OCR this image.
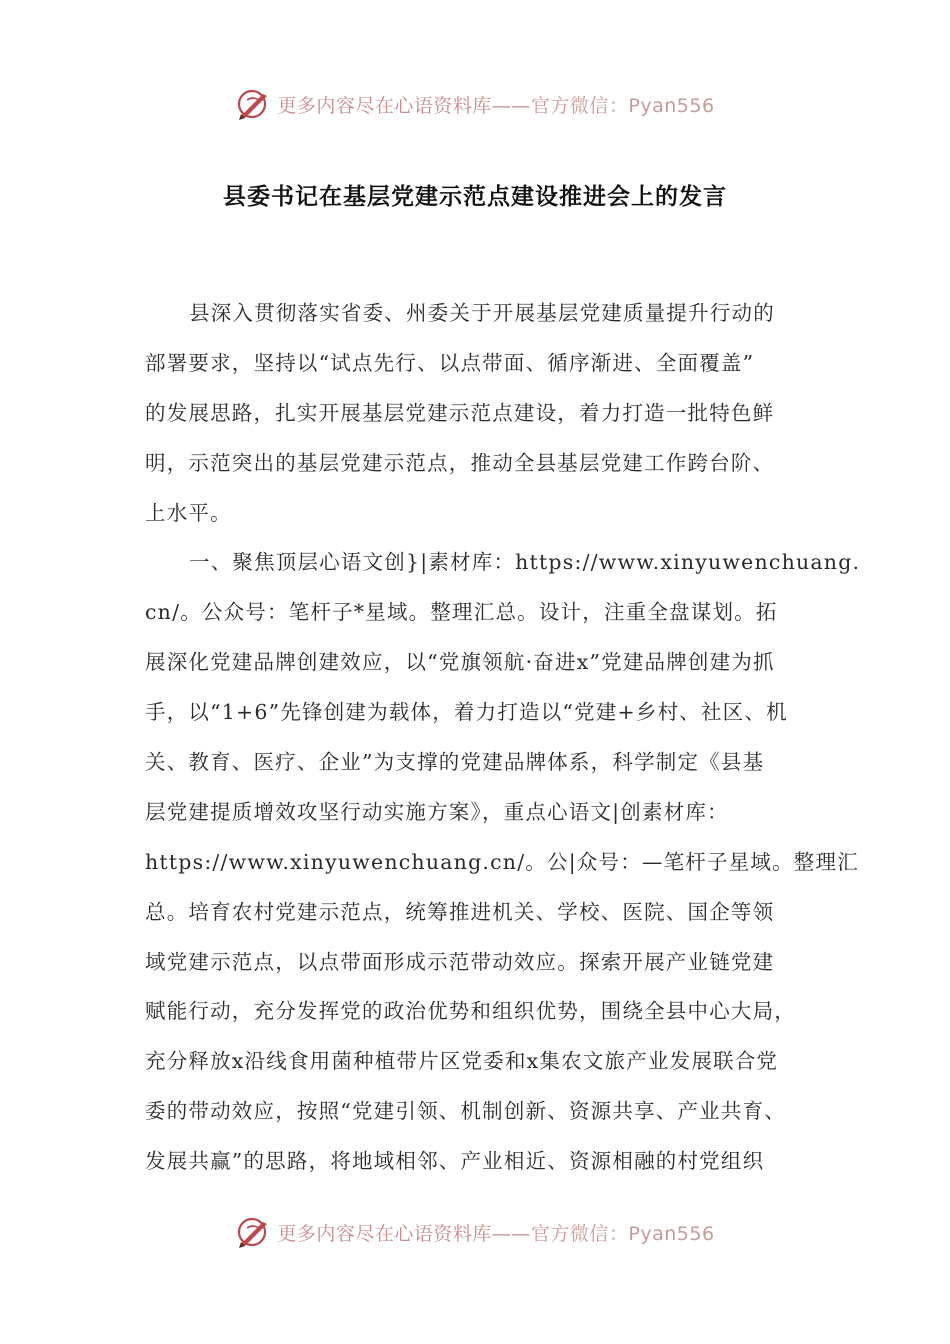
更多内容尽在心语资料库——官方微信：Pyan556
县委书记在基层党建示范点建设推进会上的发言
县深入贯彻落实省委、州委关于开展基层党建质量提升行动的
部署要求，坚持以“试点先行、以点带面、循序渐进、全面覆盖”
的发展思路，扎实开展基层党建示范点建设，着力打造一批特色鲜
明，示范突出的基层党建示范点，推动全县基层党建工作跨台阶、
上水平。
一、聚焦顶层心语文创}|素材库：https://www.xinyuwenchuang.
cn/。公众号：笔杆子*星域。整理汇总。设计，注重全盘谋划。拓
展深化党建品牌创建效应，以“党旗领航·奋进x”党建品牌创建为抓
手，以“1+6”先锋创建为载体，着力打造以“党建+乡村、社区、机
关、教育、医疗、企业”为支撑的党建品牌体系，科学制定《县基
层党建提质增效攻坚行动实施方案》，重点心语文|创素材库：
https://www.xinyuwenchuang.cn/。公|众号：—笔杆子星域。整理汇
总。培育农村党建示范点，统筹推进机关、学校、医院、国企等领
域党建示范点，以点带面形成示范带动效应。探索开展产业链党建
赋能行动，充分发挥党的政治优势和组织优势，围绕全县中心大局，
充分释放x沿线食用菌种植带片区党委和x集农文旅产业发展联合党
委的带动效应，按照“党建引领、机制创新、资源共享、产业共育、
发展共赢”的思路，将地域相邻、产业相近、资源相融的村党组织
更多内容尽在心语资料库——官方微信：Pyan556
